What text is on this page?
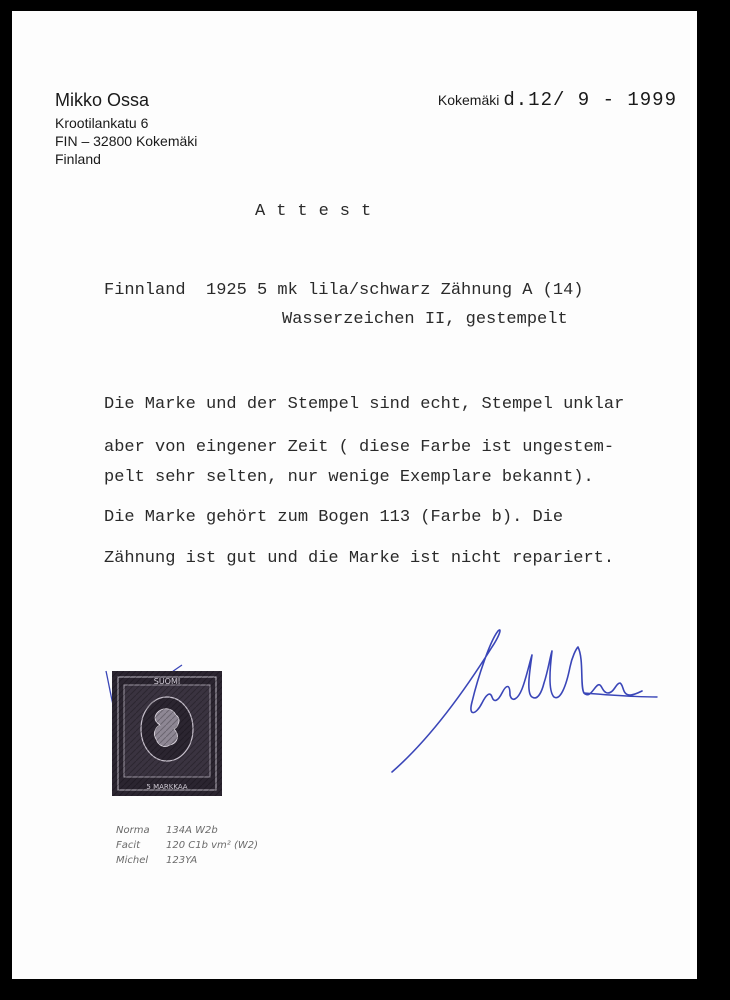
Mikko Ossa
Krootilankatu 6
FIN – 32800 Kokemäki
Finland
Kokemäki d.12/ 9 - 1999
Attest
Finnland  1925 5 mk lila/schwarz Zähnung A (14)
Wasserzeichen II, gestempelt
Die Marke und der Stempel sind echt, Stempel unklar
aber von eingener Zeit ( diese Farbe ist ungestem-
pelt sehr selten, nur wenige Exemplare bekannt).
Die Marke gehört zum Bogen 113 (Farbe b). Die
Zähnung ist gut und die Marke ist nicht repariert.
SUOMI
5 MARKKAA
Norma 134A W2b
Facit	120 C1b vm² (W2)
Michel	123YA
